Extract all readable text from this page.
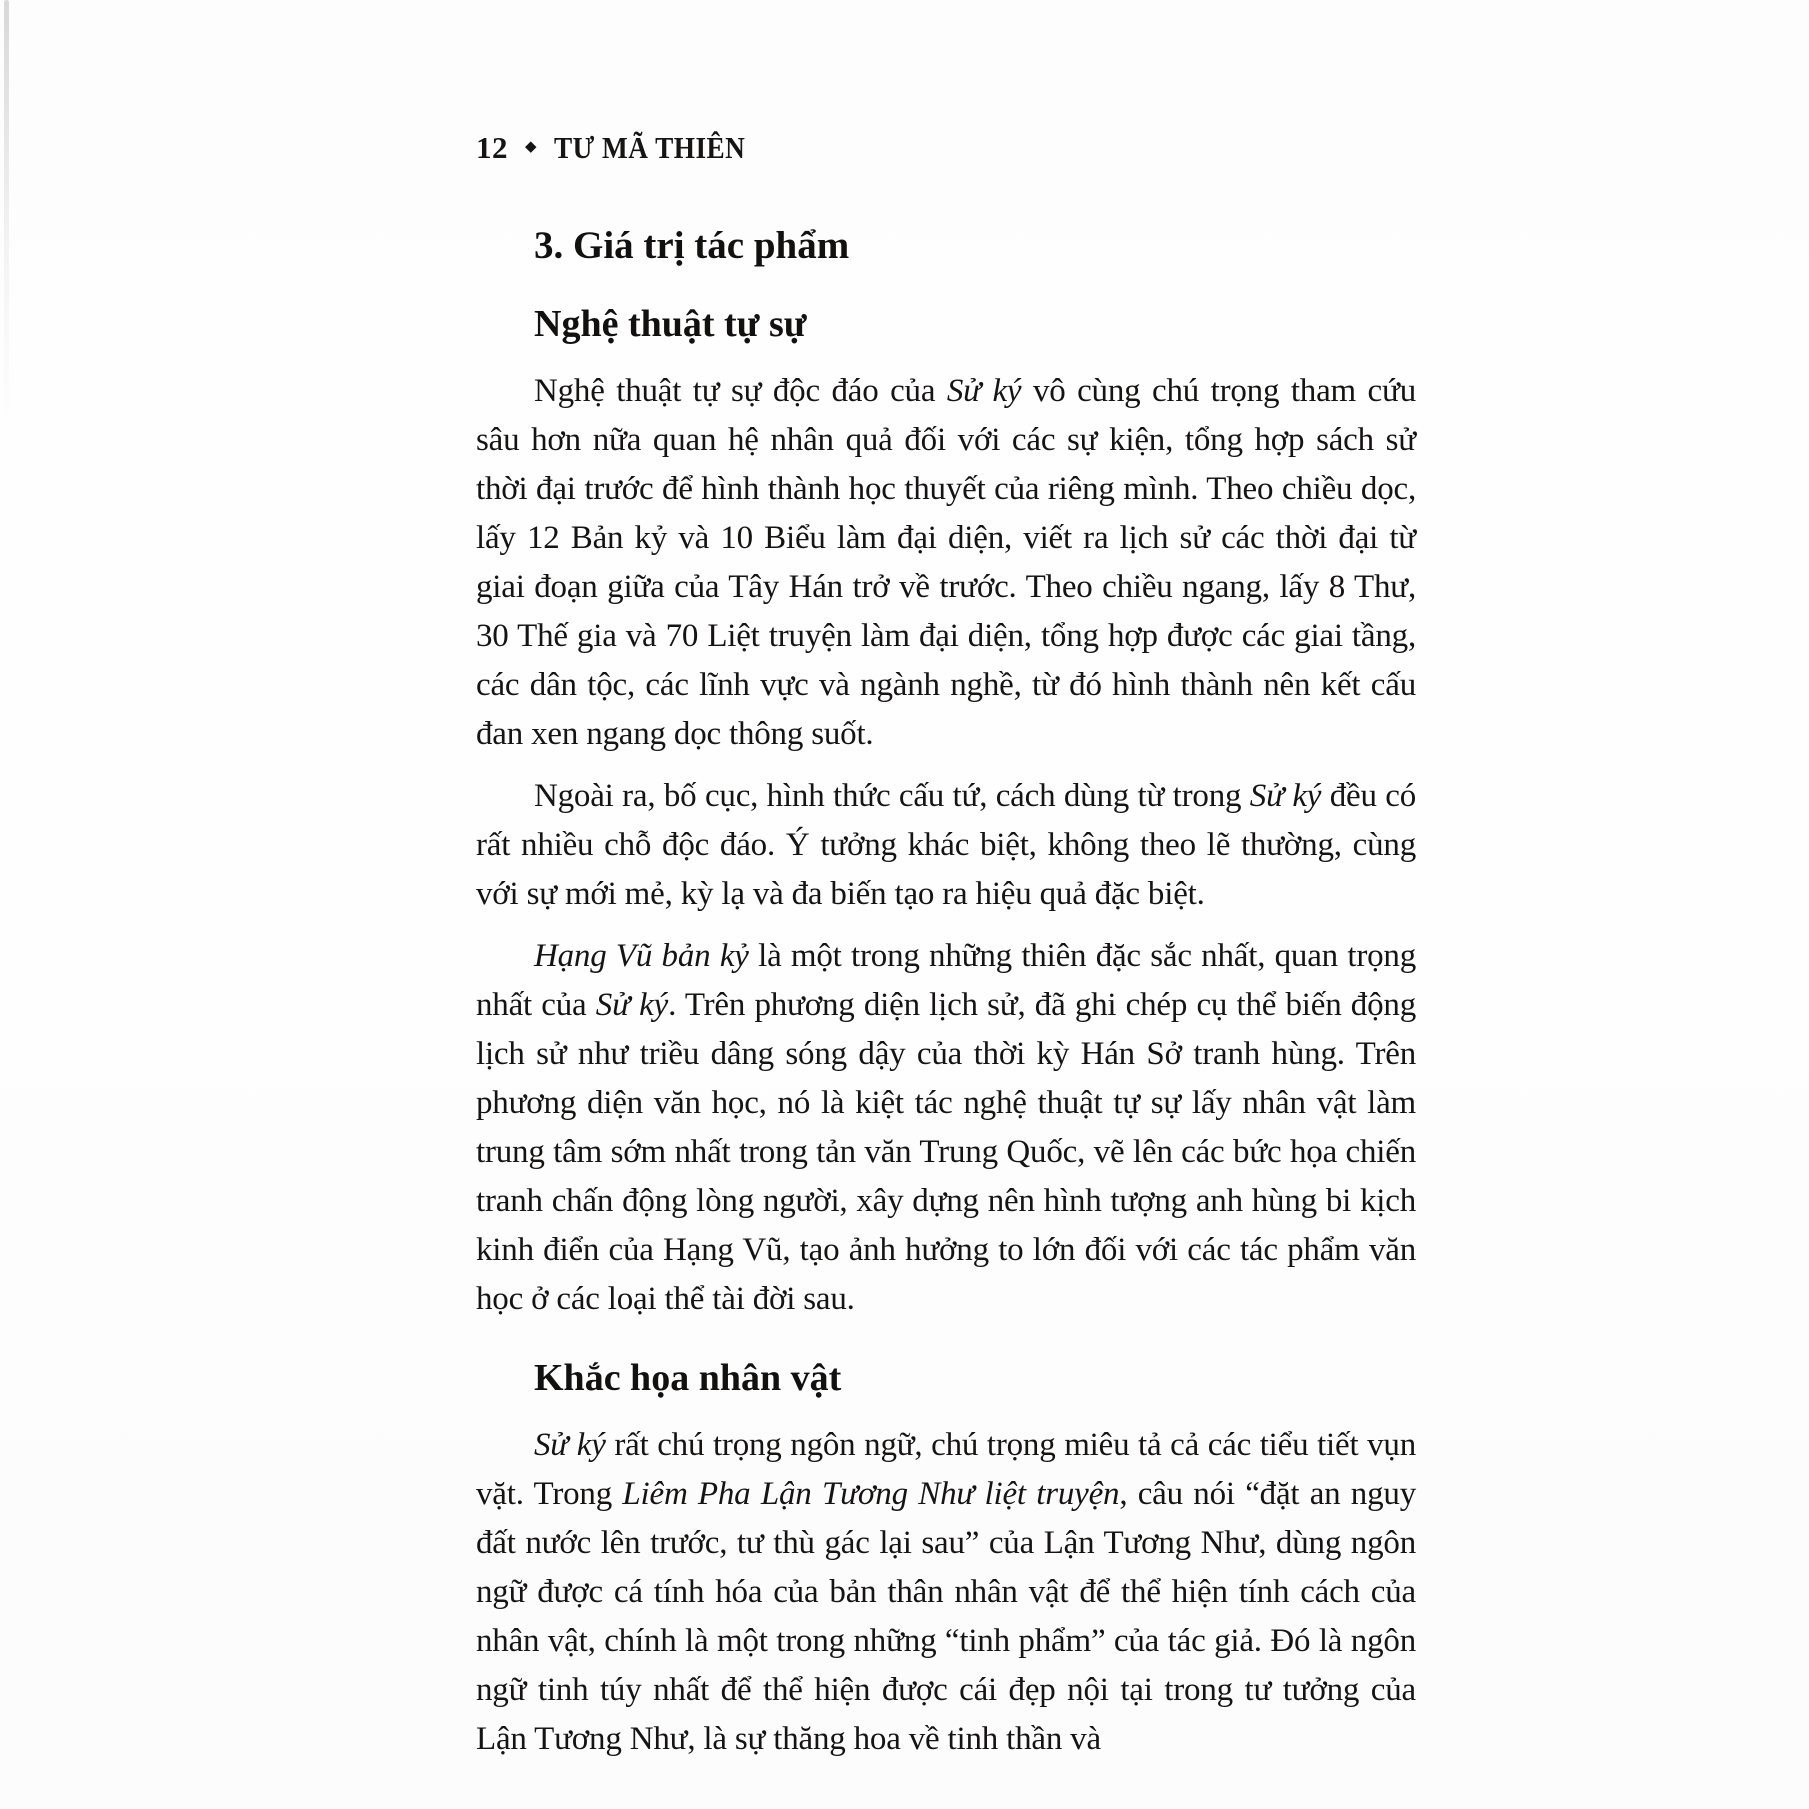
12 ◆ TƯ MÃ THIÊN
3. Giá trị tác phẩm
Nghệ thuật tự sự

Nghệ thuật tự sự độc đáo của Sử ký vô cùng chú trọng tham cứu sâu hơn nữa quan hệ nhân quả đối với các sự kiện, tổng hợp sách sử thời đại trước để hình thành học thuyết của riêng mình. Theo chiều dọc, lấy 12 Bản kỷ và 10 Biểu làm đại diện, viết ra lịch sử các thời đại từ giai đoạn giữa của Tây Hán trở về trước. Theo chiều ngang, lấy 8 Thư, 30 Thế gia và 70 Liệt truyện làm đại diện, tổng hợp được các giai tầng, các dân tộc, các lĩnh vực và ngành nghề, từ đó hình thành nên kết cấu đan xen ngang dọc thông suốt.

Ngoài ra, bố cục, hình thức cấu tứ, cách dùng từ trong Sử ký đều có rất nhiều chỗ độc đáo. Ý tưởng khác biệt, không theo lẽ thường, cùng với sự mới mẻ, kỳ lạ và đa biến tạo ra hiệu quả đặc biệt.

Hạng Vũ bản kỷ là một trong những thiên đặc sắc nhất, quan trọng nhất của Sử ký. Trên phương diện lịch sử, đã ghi chép cụ thể biến động lịch sử như triều dâng sóng dậy của thời kỳ Hán Sở tranh hùng. Trên phương diện văn học, nó là kiệt tác nghệ thuật tự sự lấy nhân vật làm trung tâm sớm nhất trong tản văn Trung Quốc, vẽ lên các bức họa chiến tranh chấn động lòng người, xây dựng nên hình tượng anh hùng bi kịch kinh điển của Hạng Vũ, tạo ảnh hưởng to lớn đối với các tác phẩm văn học ở các loại thể tài đời sau.

Khắc họa nhân vật

Sử ký rất chú trọng ngôn ngữ, chú trọng miêu tả cả các tiểu tiết vụn vặt. Trong Liêm Pha Lận Tương Như liệt truyện, câu nói “đặt an nguy đất nước lên trước, tư thù gác lại sau” của Lận Tương Như, dùng ngôn ngữ được cá tính hóa của bản thân nhân vật để thể hiện tính cách của nhân vật, chính là một trong những “tinh phẩm” của tác giả. Đó là ngôn ngữ tinh túy nhất để thể hiện được cái đẹp nội tại trong tư tưởng của Lận Tương Như, là sự thăng hoa về tinh thần và
